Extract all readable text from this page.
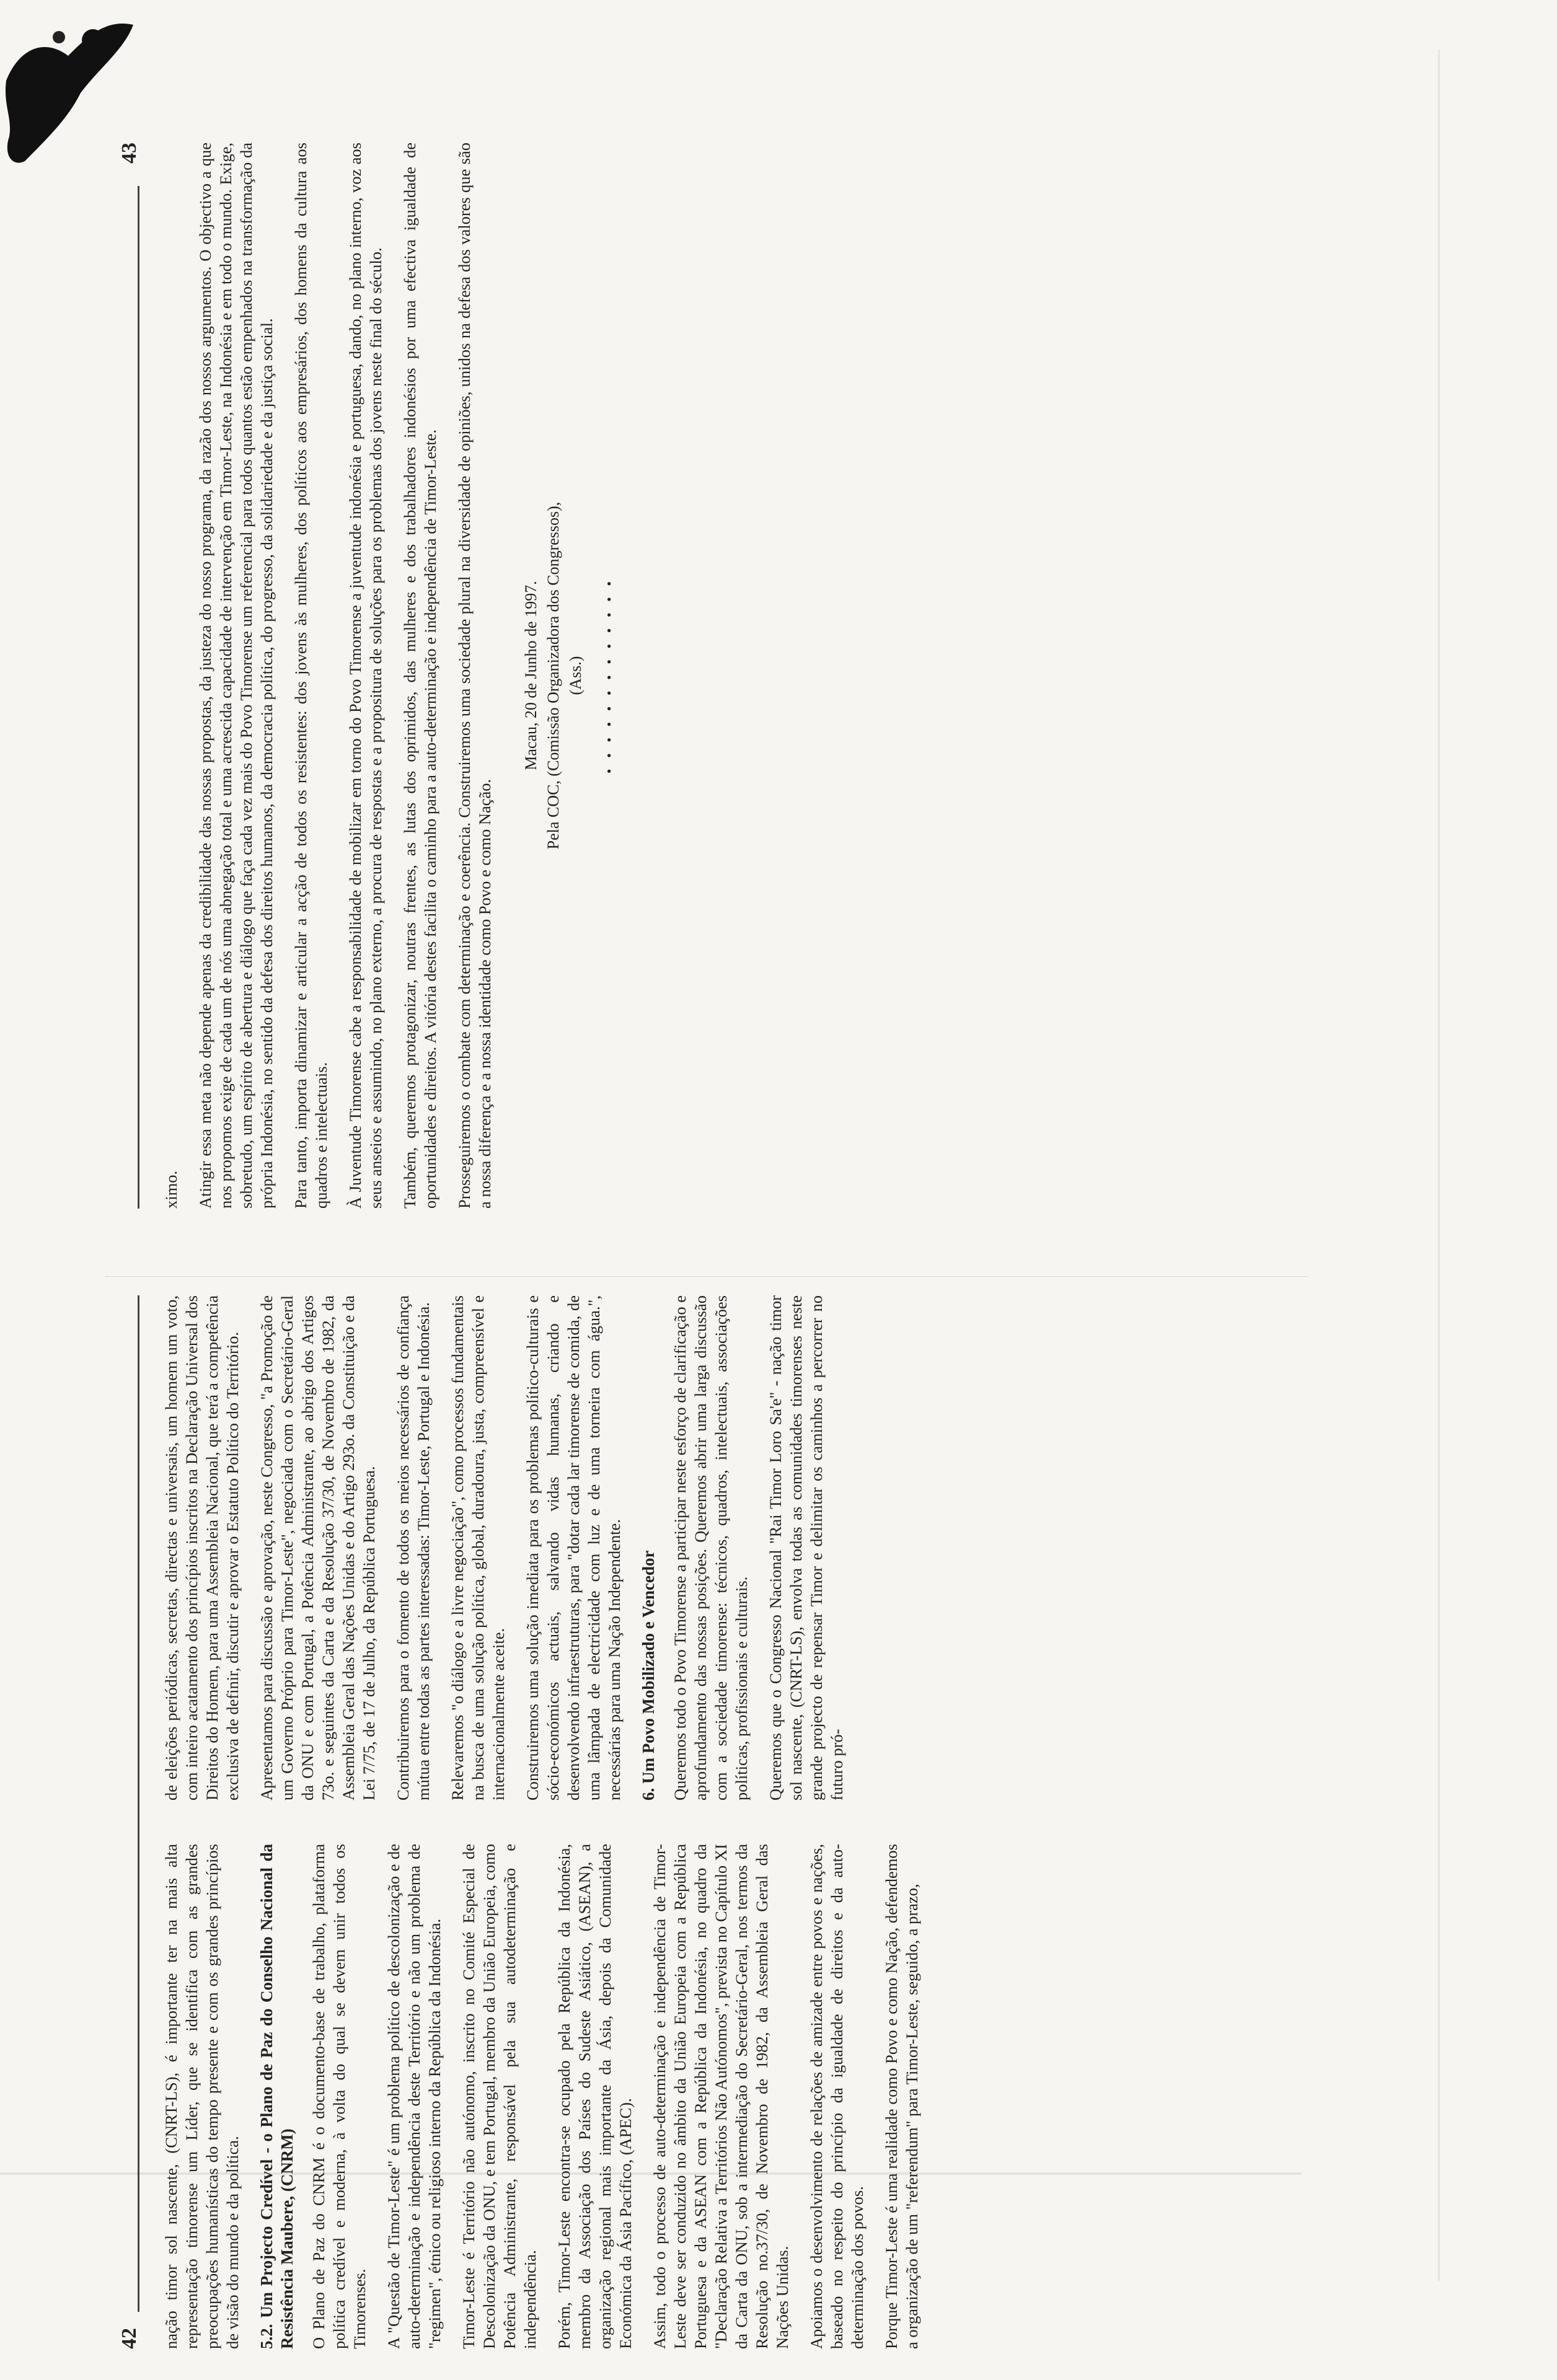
42 nação timor sol nascente, (CNRT-LS), é importante ter na mais alta representação timorense um Líder, que se identifica com as grandes preocupações humanísticas do tempo presente e com os grandes princípios de visão do mundo e da política. 5.2. Um Projecto Credível - o Plano de Paz do Conselho Nacional da Resistência Maubere, (CNRM) O Plano de Paz do CNRM é o documento-base de trabalho, plataforma política credível e moderna, à volta do qual se devem unir todos os Timorenses. A "Questão de Timor-Leste" é um problema político de descolonização e de auto-determinação e independência deste Território e não um problema de "regimen", étnico ou religioso interno da República da Indonésia. Timor-Leste é Território não autónomo, inscrito no Comité Especial de Descolonização da ONU, e tem Portugal, membro da União Europeia, como Potência Administrante, responsável pela sua autodeterminação e independência. Porém, Timor-Leste encontra-se ocupado pela República da Indonésia, membro da Associação dos Países do Sudeste Asiático, (ASEAN), a organização regional mais importante da Ásia, depois da Comunidade Económica da Ásia Pacífico, (APEC). Assim, todo o processo de auto-determinação e independência de Timor-Leste deve ser conduzido no âmbito da União Europeia com a República Portuguesa e da ASEAN com a República da Indonésia, no quadro da "Declaração Relativa a Territórios Não Autónomos", prevista no Capítulo XI da Carta da ONU, sob a intermediação do Secretário-Geral, nos termos da Resolução no.37/30, de Novembro de 1982, da Assembleia Geral das Nações Unidas. Apoiamos o desenvolvimento de relações de amizade entre povos e nações, baseado no respeito do princípio da igualdade de direitos e da auto-determinação dos povos. Porque Timor-Leste é uma realidade como Povo e como Nação, defendemos a organização de um "referendum" para Timor-Leste, seguido, a prazo,

de eleições periódicas, secretas, directas e universais, um homem um voto, com inteiro acatamento dos princípios inscritos na Declaração Universal dos Direitos do Homem, para uma Assembleia Nacional, que terá a competência exclusiva de definir, discutir e aprovar o Estatuto Político do Território. Apresentamos para discussão e aprovação, neste Congresso, "a Promoção de um Governo Próprio para Timor-Leste", negociada com o Secretário-Geral da ONU e com Portugal, a Potência Administrante, ao abrigo dos Artigos 73o. e seguintes da Carta e da Resolução 37/30, de Novembro de 1982, da Assembleia Geral das Nações Unidas e do Artigo 293o. da Constituição e da Lei 7/75, de 17 de Julho, da República Portuguesa. Contribuiremos para o fomento de todos os meios necessários de confiança mútua entre todas as partes interessadas: Timor-Leste, Portugal e Indonésia. Relevaremos "o diálogo e a livre negociação", como processos fundamentais na busca de uma solução política, global, duradoura, justa, compreensível e internacionalmente aceite. Construiremos uma solução imediata para os problemas político-culturais e sócio-económicos actuais, salvando vidas humanas, criando e desenvolvendo infraestruturas, para "dotar cada lar timorense de comida, de uma lâmpada de electricidade com luz e de uma torneira com água.", necessárias para uma Nação Independente. 6. Um Povo Mobilizado e Vencedor Queremos todo o Povo Timorense a participar neste esforço de clarificação e aprofundamento das nossas posições. Queremos abrir uma larga discussão com a sociedade timorense: técnicos, quadros, intelectuais, associações políticas, profissionais e culturais. Queremos que o Congresso Nacional "Rai Timor Loro Sa'e" - nação timor sol nascente, (CNRT-LS), envolva todas as comunidades timorenses neste grande projecto de repensar Timor e delimitar os caminhos a percorrer no futuro pró-

43

ximo. Atingir essa meta não depende apenas da credibilidade das nossas propostas, da justeza do nosso programa, da razão dos nossos argumentos. O objectivo a que nos propomos exige de cada um de nós uma abnegação total e uma acrescida capacidade de intervenção em Timor-Leste, na Indonésia e em todo o mundo. Exige, sobretudo, um espírito de abertura e diálogo que faça cada vez mais do Povo Timorense um referencial para todos quantos estão empenhados na transformação da própria Indonésia, no sentido da defesa dos direitos humanos, da democracia política, do progresso, da solidariedade e da justiça social. Para tanto, importa dinamizar e articular a acção de todos os resistentes: dos jovens às mulheres, dos políticos aos empresários, dos homens da cultura aos quadros e intelectuais. À Juventude Timorense cabe a responsabilidade de mobilizar em torno do Povo Timorense a juventude indonésia e portuguesa, dando, no plano interno, voz aos seus anseios e assumindo, no plano externo, a procura de respostas e a propositura de soluções para os problemas dos jovens neste final do século. Também, queremos protagonizar, noutras frentes, as lutas dos oprimidos, das mulheres e dos trabalhadores indonésios por uma efectiva igualdade de oportunidades e direitos. A vitória destes facilita o caminho para a auto-determinação e independência de Timor-Leste. Prosseguiremos o combate com determinação e coerência. Construiremos uma sociedade plural na diversidade de opiniões, unidos na defesa dos valores que são a nossa diferença e a nossa identidade como Povo e como Nação.

Macau, 20 de Junho de 1997. Pela COC, (Comissão Organizadora dos Congressos), (Ass.) • • • • • • • • • • • • •
